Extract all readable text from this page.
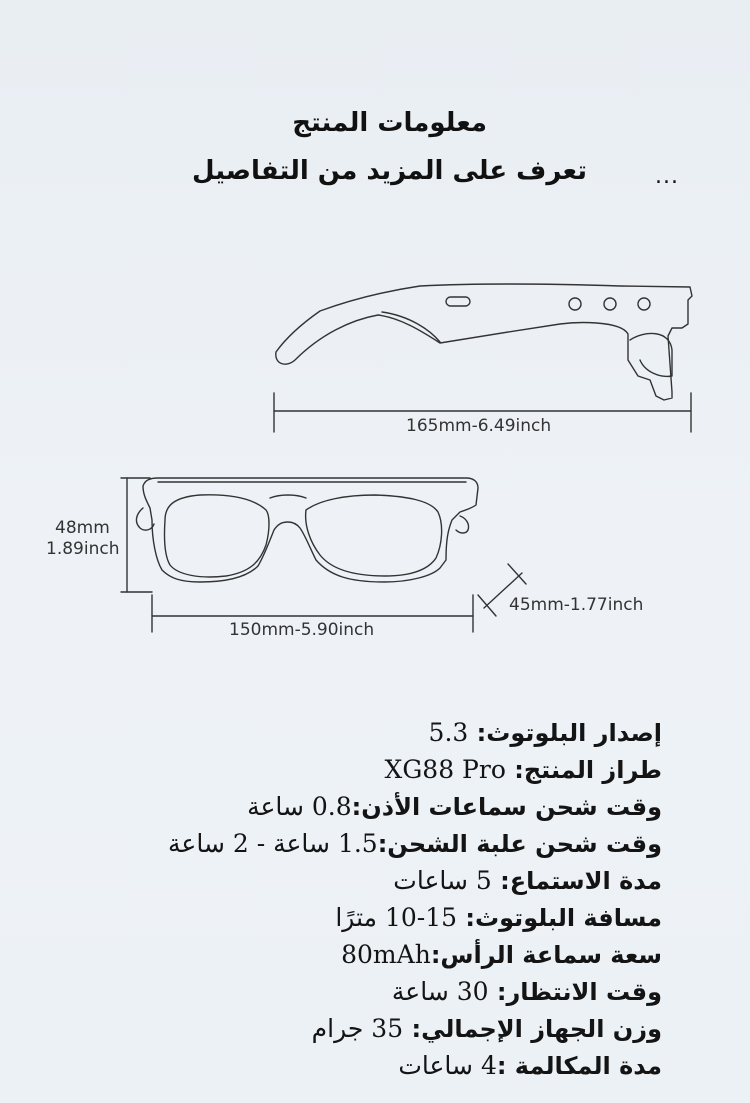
معلومات المنتج
تعرف على المزيد من التفاصيل	...
165mm-6.49inch
48mm
1.89inch
150mm-5.90inch
45mm-1.77inch
إصدار البلوتوث: 5.3
طراز المنتج: XG88 Pro
وقت شحن سماعات الأذن:0.8 ساعة
وقت شحن علبة الشحن:1.5 ساعة - 2 ساعة
مدة الاستماع: 5 ساعات
مسافة البلوتوث: 10-15 مترًا
سعة سماعة الرأس:80mAh
وقت الانتظار: 30 ساعة
وزن الجهاز الإجمالي: 35 جرام
مدة المكالمة :4 ساعات
